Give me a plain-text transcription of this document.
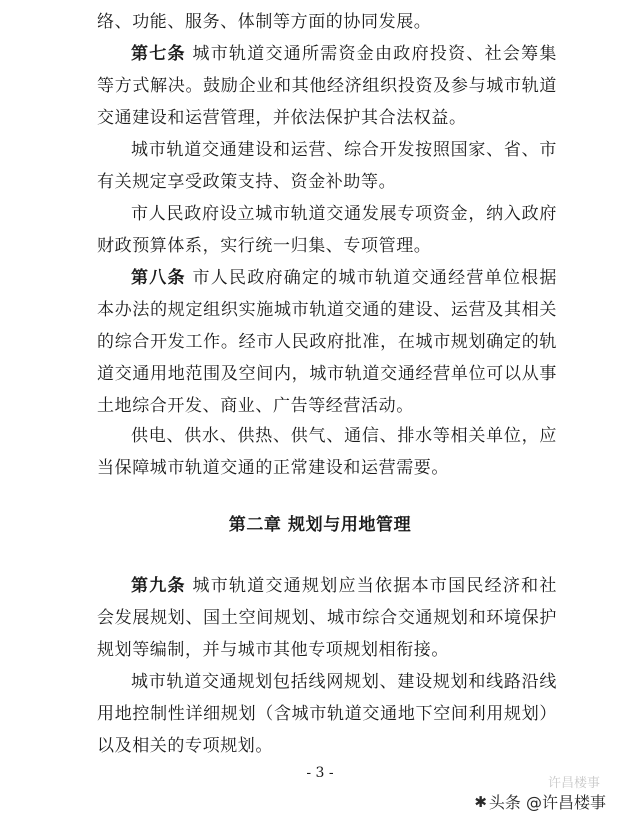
络、功能、服务、体制等方面的协同发展。

第七条 城市轨道交通所需资金由政府投资、社会筹集等方式解决。鼓励企业和其他经济组织投资及参与城市轨道交通建设和运营管理，并依法保护其合法权益。

城市轨道交通建设和运营、综合开发按照国家、省、市有关规定享受政策支持、资金补助等。

市人民政府设立城市轨道交通发展专项资金，纳入政府财政预算体系，实行统一归集、专项管理。

第八条 市人民政府确定的城市轨道交通经营单位根据本办法的规定组织实施城市轨道交通的建设、运营及其相关的综合开发工作。经市人民政府批准，在城市规划确定的轨道交通用地范围及空间内，城市轨道交通经营单位可以从事土地综合开发、商业、广告等经营活动。

供电、供水、供热、供气、通信、排水等相关单位，应当保障城市轨道交通的正常建设和运营需要。

第二章 规划与用地管理

第九条 城市轨道交通规划应当依据本市国民经济和社会发展规划、国土空间规划、城市综合交通规划和环境保护规划等编制，并与城市其他专项规划相衔接。

城市轨道交通规划包括线网规划、建设规划和线路沿线用地控制性详细规划（含城市轨道交通地下空间利用规划）以及相关的专项规划。

- 3 -
许昌楼事
✱ 头条 @许昌楼事
